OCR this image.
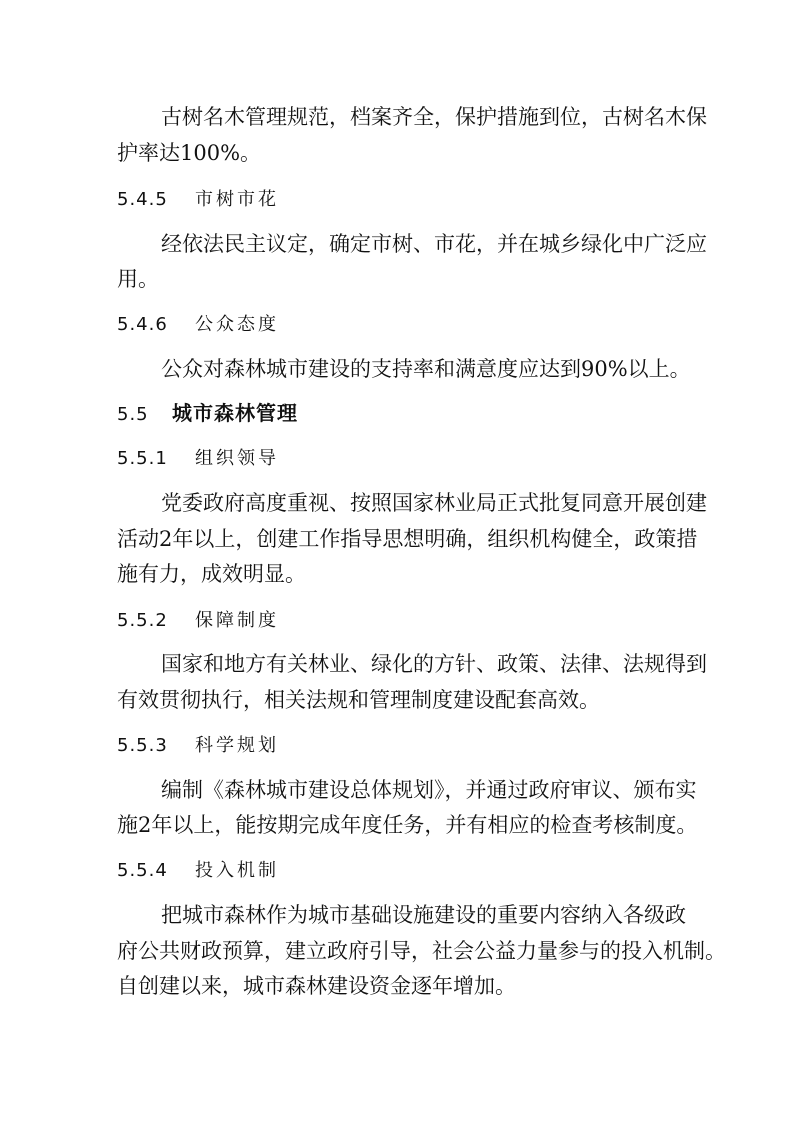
古树名木管理规范，档案齐全，保护措施到位，古树名木保

护率达100%。

5.4.5 市树市花

经依法民主议定，确定市树、市花，并在城乡绿化中广泛应

用。

5.4.6 公众态度

公众对森林城市建设的支持率和满意度应达到90%以上。

5.5 城市森林管理
5.5.1 组织领导

党委政府高度重视、按照国家林业局正式批复同意开展创建

活动2年以上，创建工作指导思想明确，组织机构健全，政策措

施有力，成效明显。

5.5.2 保障制度

国家和地方有关林业、绿化的方针、政策、法律、法规得到

有效贯彻执行，相关法规和管理制度建设配套高效。

5.5.3 科学规划

编制《森林城市建设总体规划》，并通过政府审议、颁布实

施2年以上，能按期完成年度任务，并有相应的检查考核制度。

5.5.4 投入机制

把城市森林作为城市基础设施建设的重要内容纳入各级政

府公共财政预算，建立政府引导，社会公益力量参与的投入机制。

自创建以来，城市森林建设资金逐年增加。
